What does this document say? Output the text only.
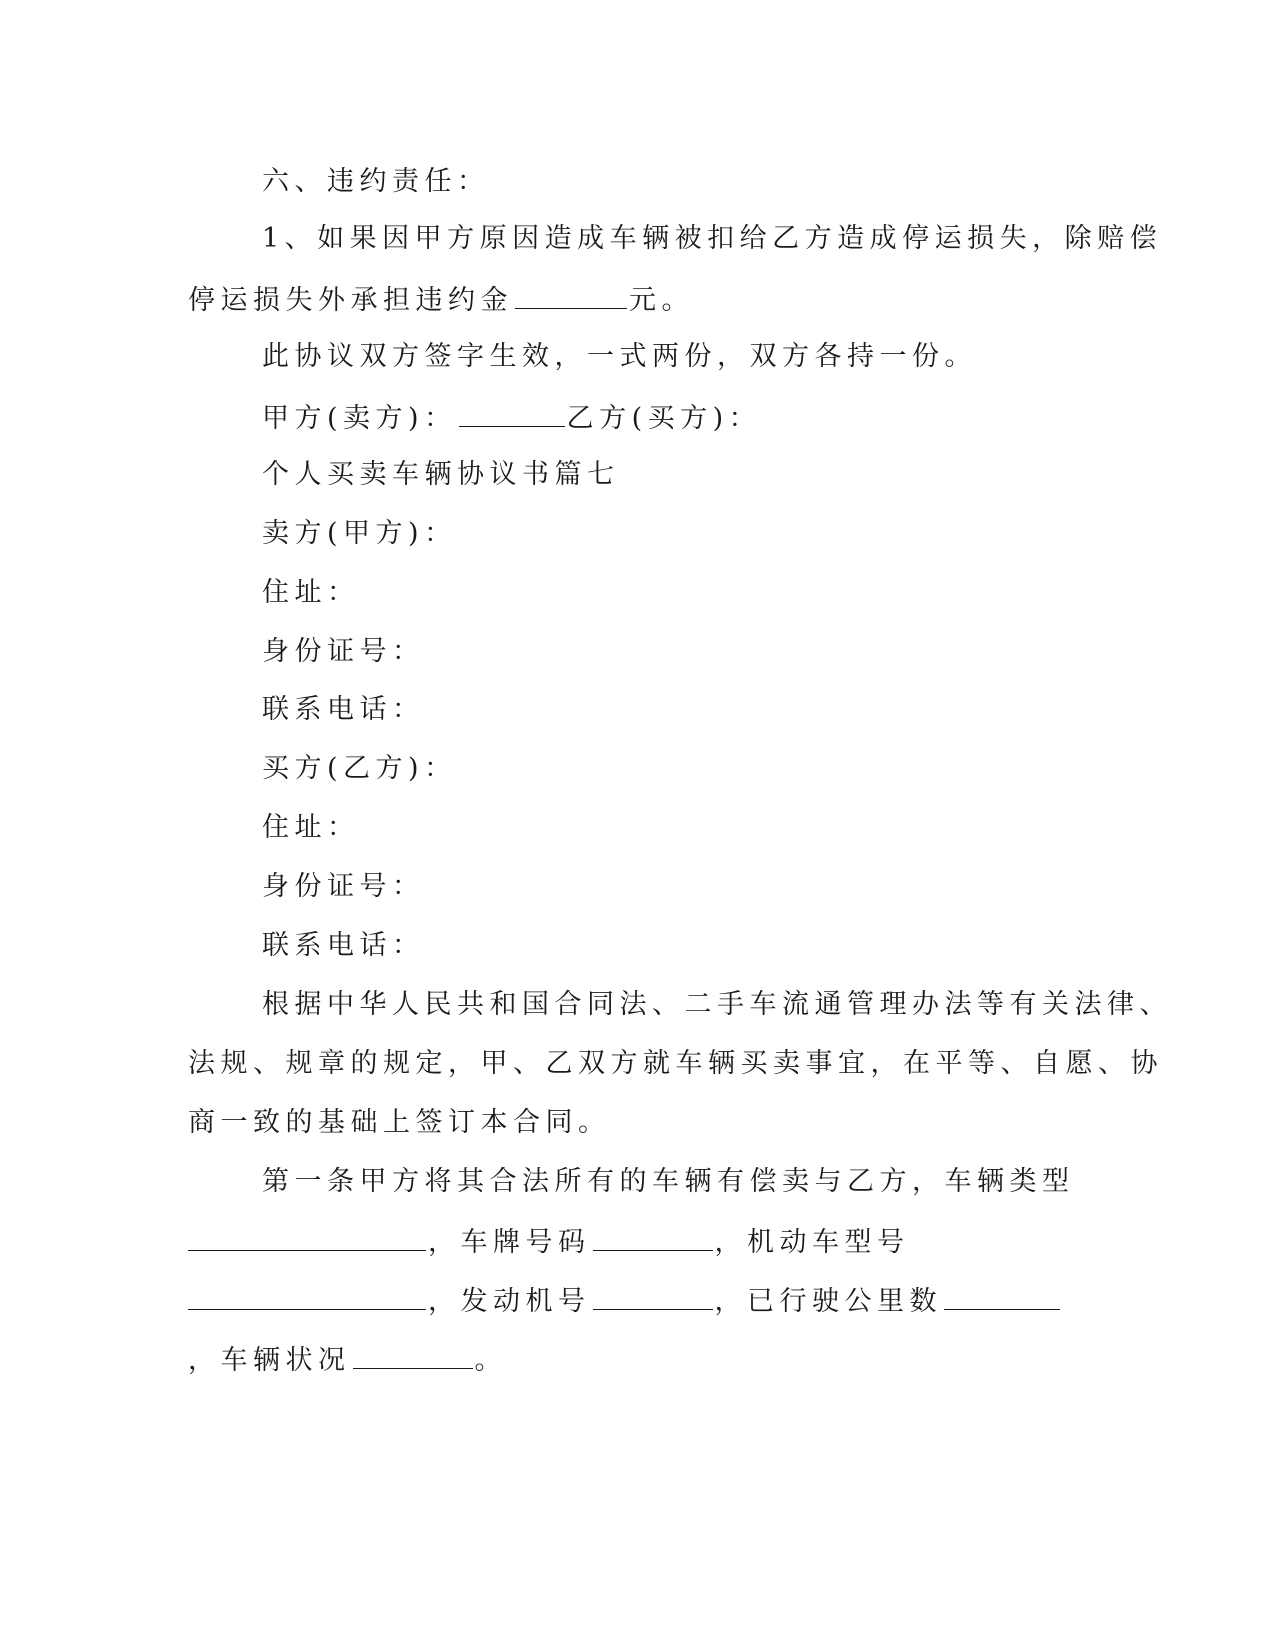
六、违约责任：
1、如果因甲方原因造成车辆被扣给乙方造成停运损失，除赔偿
停运损失外承担违约金	元。
此协议双方签字生效，一式两份，双方各持一份。
甲方(卖方)：	乙方(买方)：
个人买卖车辆协议书篇七
卖方(甲方)：
住址：
身份证号：
联系电话：
买方(乙方)：
住址：
身份证号：
联系电话：
根据中华人民共和国合同法、二手车流通管理办法等有关法律、
法规、规章的规定，甲、乙双方就车辆买卖事宜，在平等、自愿、协
商一致的基础上签订本合同。
第一条甲方将其合法所有的车辆有偿卖与乙方，车辆类型
，车牌号码	，机动车型号
，发动机号	，已行驶公里数
，车辆状况	。
